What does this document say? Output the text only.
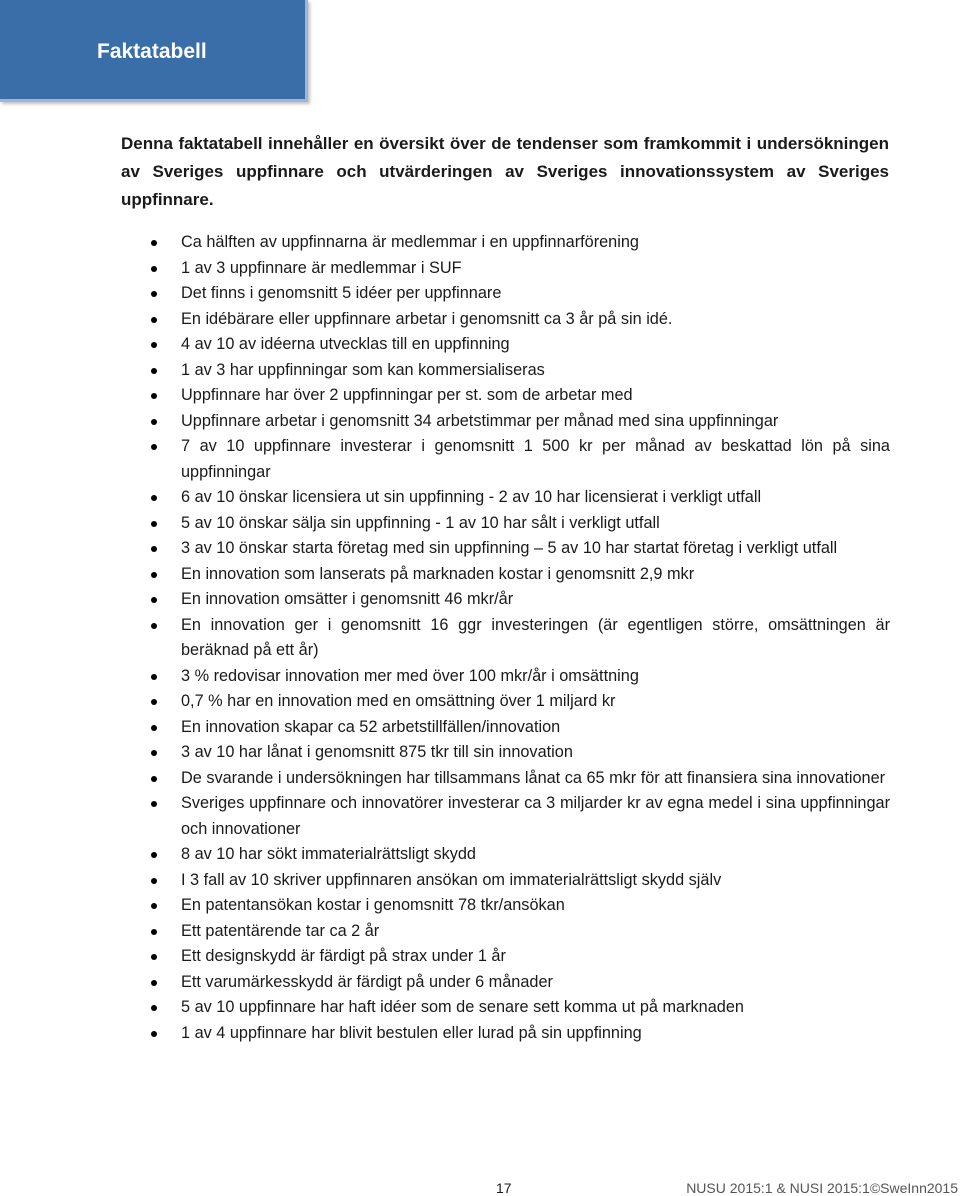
Faktatabell
Denna faktatabell innehåller en översikt över de tendenser som framkommit i undersökningen av Sveriges uppfinnare och utvärderingen av Sveriges innovationssystem av Sveriges uppfinnare.
Ca hälften av uppfinnarna är medlemmar i en uppfinnarförening
1 av 3 uppfinnare är medlemmar i SUF
Det finns i genomsnitt 5 idéer per uppfinnare
En idébärare eller uppfinnare arbetar i genomsnitt ca 3 år på sin idé.
4 av 10 av idéerna utvecklas till en uppfinning
1 av 3 har uppfinningar som kan kommersialiseras
Uppfinnare har över 2 uppfinningar per st. som de arbetar med
Uppfinnare arbetar i genomsnitt 34 arbetstimmar per månad med sina uppfinningar
7 av 10 uppfinnare investerar i genomsnitt 1 500 kr per månad av beskattad lön på sina uppfinningar
6 av 10 önskar licensiera ut sin uppfinning - 2 av 10 har licensierat i verkligt utfall
5 av 10 önskar sälja sin uppfinning - 1 av 10 har sålt i verkligt utfall
3 av 10 önskar starta företag med sin uppfinning – 5 av 10 har startat företag i verkligt utfall
En innovation som lanserats på marknaden kostar i genomsnitt 2,9 mkr
En innovation omsätter i genomsnitt 46 mkr/år
En innovation ger i genomsnitt 16 ggr investeringen (är egentligen större, omsättningen är beräknad på ett år)
3 % redovisar innovation mer med över 100 mkr/år i omsättning
0,7 % har en innovation med en omsättning över 1 miljard kr
En innovation skapar ca 52 arbetstillfällen/innovation
3 av 10 har lånat i genomsnitt 875 tkr till sin innovation
De svarande i undersökningen har tillsammans lånat ca 65 mkr för att finansiera sina innovationer
Sveriges uppfinnare och innovatörer investerar ca 3 miljarder kr av egna medel i sina uppfinningar och innovationer
8 av 10 har sökt immaterialrättsligt skydd
I 3 fall av 10 skriver uppfinnaren ansökan om immaterialrättsligt skydd själv
En patentansökan kostar i genomsnitt 78 tkr/ansökan
Ett patentärende tar ca 2 år
Ett designskydd är färdigt på strax under 1 år
Ett varumärkesskydd är färdigt på under 6 månader
5 av 10 uppfinnare har haft idéer som de senare sett komma ut på marknaden
1 av 4 uppfinnare har blivit bestulen eller lurad på sin uppfinning
17	NUSU 2015:1 & NUSI 2015:1©SweInn2015
